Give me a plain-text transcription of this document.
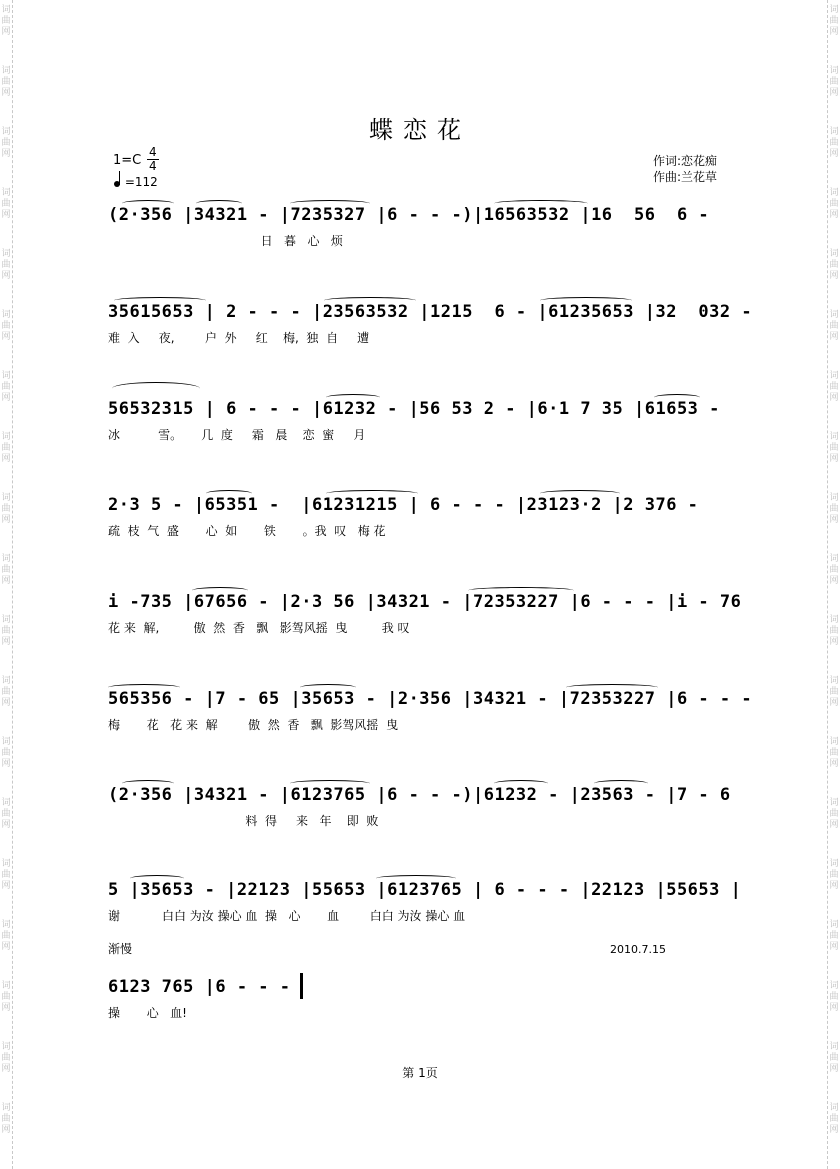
词
曲
网
词
曲
网
词
曲
网
词
曲
网
词
曲
网
词
曲
网
词
曲
网
词
曲
网
词
曲
网
词
曲
网
词
曲
网
词
曲
网
词
曲
网
词
曲
网
词
曲
网
词
曲
网
词
曲
网
词
曲
网
词
曲
网
词
曲
网
词
曲
网
词
曲
网
词
曲
网
词
曲
网
词
曲
网
词
曲
网
词
曲
网
词
曲
网
词
曲
网
词
曲
网
词
曲
网
词
曲
网
词
曲
网
词
曲
网
词
曲
网
词
曲
网
词
曲
网
词
曲
网
蝶恋花
$1=C \frac{4}{4}$
=112
作词:恋花痴
作曲:兰花草
(2·356 |34321 - |7235327 |6 - - -)|16563532 |16  56  6 -
日   暮   心   烦
35615653 | 2 - - - |23563532 |1215  6 - |61235653 |32  032 -
难  入     夜,        户  外     红    梅,  独  自     遭
56532315 | 6 - - - |61232 - |56 53 2 - |6·1 7 35 |61653 -
冰          雪。     几  度     霜   晨    恋  蜜     月
2·3 5 - |65351 -  |61231215 | 6 - - - |23123·2 |2 376 -
疏  枝  气  盛       心  如       铁       。我  叹   梅 花
i -735 |67656 - |2·3 56 |34321 - |72353227 |6 - - - |i - 76
花 来  解,         傲  然  香   飘   影驾风摇  曳         我 叹
565356 - |7 - 65 |35653 - |2·356 |34321 - |72353227 |6 - - -
梅       花   花 来  解        傲  然  香   飘  影驾风摇  曳
(2·356 |34321 - |6123765 |6 - - -)|61232 - |23563 - |7 - 6
料  得     来   年    即  败
5 |35653 - |22123 |55653 |6123765 | 6 - - - |22123 |55653 |
谢           白白 为汝 操心 血  操   心       血        白白 为汝 操心 血
渐慢	2010.7.15
6123 765 |6 - - -
操       心   血!
第 1页
